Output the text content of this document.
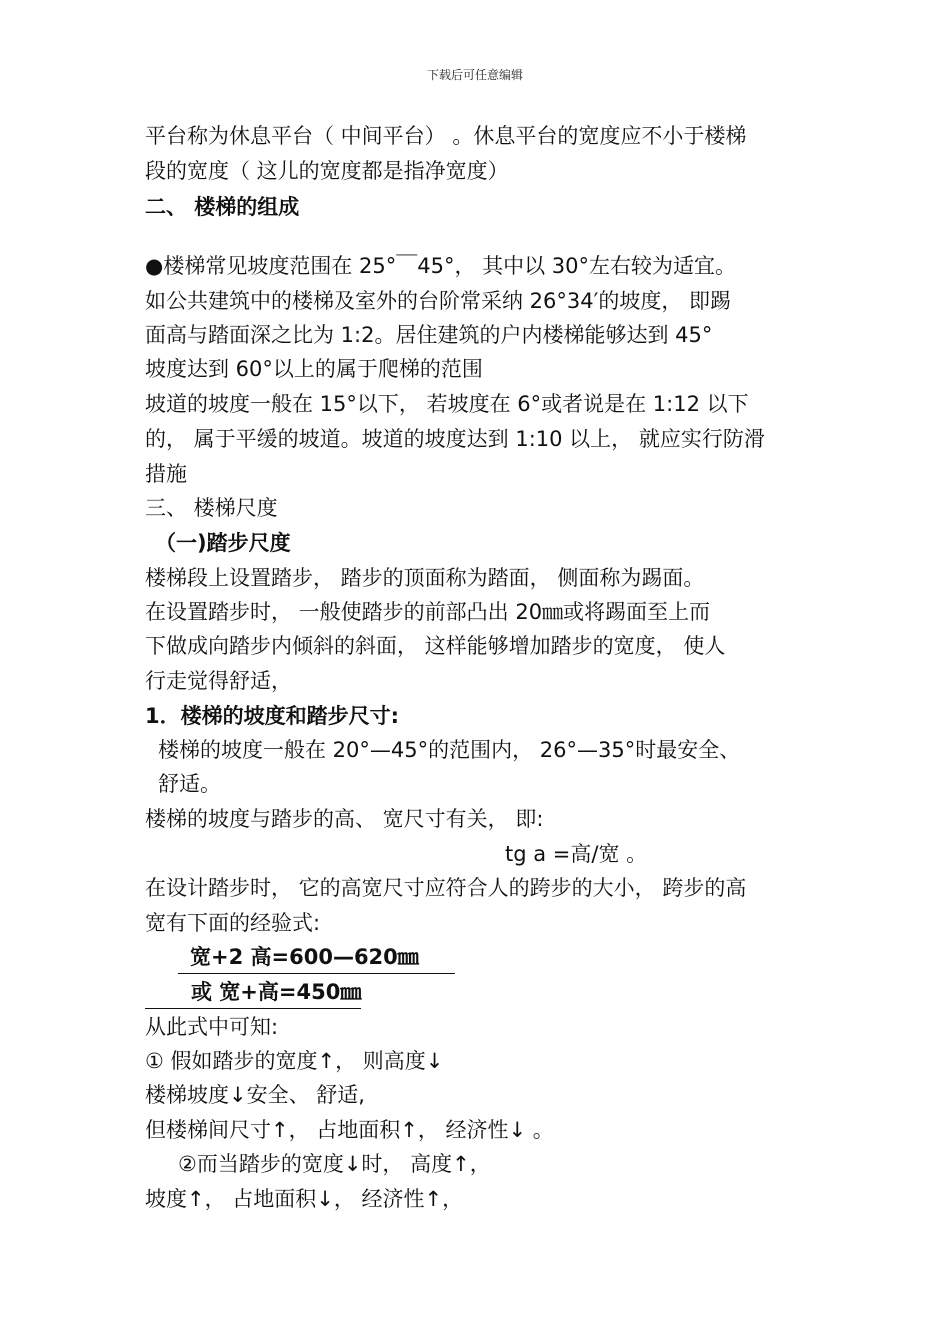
下载后可任意编辑
平台称为休息平台（ 中间平台） 。休息平台的宽度应不小于楼梯
段的宽度（ 这儿的宽度都是指净宽度）
二、 楼梯的组成
●楼梯常见坡度范围在 25°￣45°， 其中以 30°左右较为适宜。
如公共建筑中的楼梯及室外的台阶常采纳 26°34′的坡度， 即踢
面高与踏面深之比为 1:2。居住建筑的户内楼梯能够达到 45°
坡度达到 60°以上的属于爬梯的范围
坡道的坡度一般在 15°以下， 若坡度在 6°或者说是在 1:12 以下
的， 属于平缓的坡道。坡道的坡度达到 1:10 以上， 就应实行防滑
措施
三、 楼梯尺度
（一)踏步尺度
楼梯段上设置踏步， 踏步的顶面称为踏面， 侧面称为踢面。
在设置踏步时， 一般使踏步的前部凸出 20㎜或将踢面至上而
下做成向踏步内倾斜的斜面， 这样能够增加踏步的宽度， 使人
行走觉得舒适，
1．楼梯的坡度和踏步尺寸:
楼梯的坡度一般在 20°—45°的范围内， 26°—35°时最安全、
舒适。
楼梯的坡度与踏步的高、 宽尺寸有关， 即:
tg a =高/宽 。
在设计踏步时， 它的高宽尺寸应符合人的跨步的大小， 跨步的高
宽有下面的经验式:
宽+2 高=600—620㎜
或 宽+高=450㎜
从此式中可知:
① 假如踏步的宽度↑， 则高度↓
楼梯坡度↓安全、 舒适,
但楼梯间尺寸↑， 占地面积↑， 经济性↓ 。
②而当踏步的宽度↓时， 高度↑，
坡度↑， 占地面积↓， 经济性↑，
